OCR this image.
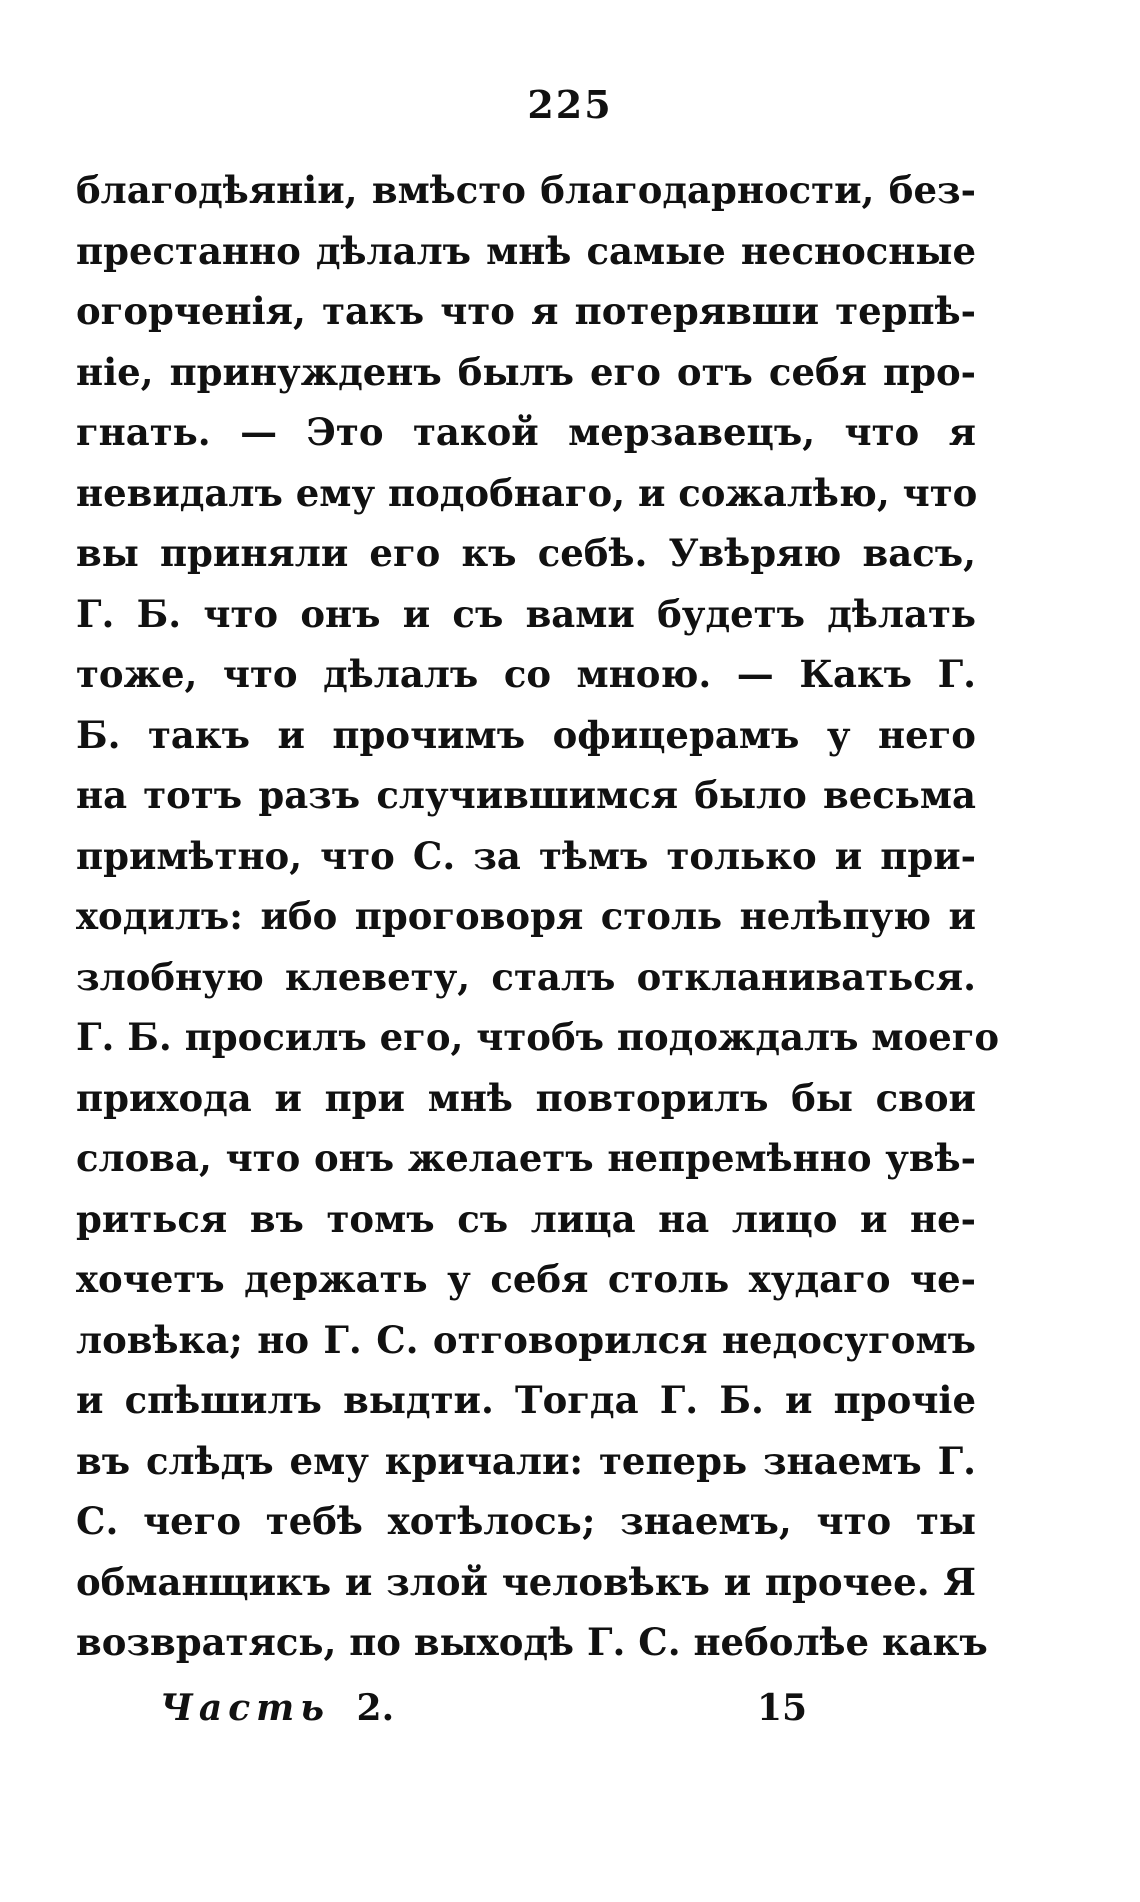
225
благодѣяніи, вмѣсто благодарности, без-
престанно дѣлалъ мнѣ самые несносные
огорченія, такъ что я потерявши терпѣ-
ніе, принужденъ былъ его отъ себя про-
гнать. — Это такой мерзавецъ, что я
невидалъ ему подобнаго, и сожалѣю, что
вы приняли его къ себѣ. Увѣряю васъ,
Г. Б. что онъ и съ вами будетъ дѣлать
тоже, что дѣлалъ со мною. — Какъ Г.
Б. такъ и прочимъ офицерамъ у него
на тотъ разъ случившимся было весьма
примѣтно, что С. за тѣмъ только и при-
ходилъ: ибо проговоря столь нелѣпую и
злобную клевету, сталъ откланиваться.
Г. Б. просилъ его, чтобъ подождалъ моего
прихода и при мнѣ повторилъ бы свои
слова, что онъ желаетъ непремѣнно увѣ-
риться въ томъ съ лица на лицо и не-
хочетъ держать у себя столь худаго че-
ловѣка; но Г. С. отговорился недосугомъ
и спѣшилъ выдти. Тогда Г. Б. и прочіе
въ слѣдъ ему кричали: теперь знаемъ Г.
С. чего тебѣ хотѣлось; знаемъ, что ты
обманщикъ и злой человѣкъ и прочее. Я
возвратясь, по выходѣ Г. С. неболѣе какъ
Часть 2.	15
